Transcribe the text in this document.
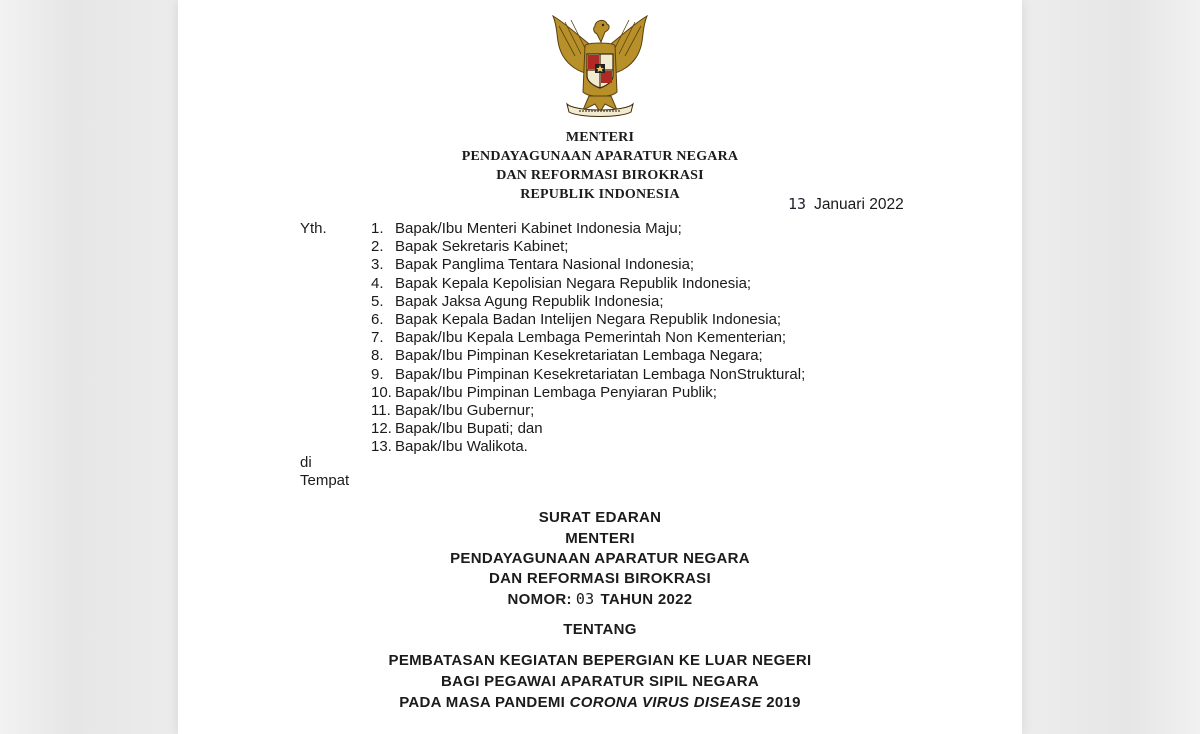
MENTERI
PENDAYAGUNAAN APARATUR NEGARA
DAN REFORMASI BIROKRASI
REPUBLIK INDONESIA
13 Januari 2022
Yth.	1. Bapak/Ibu Menteri Kabinet Indonesia Maju;
2. Bapak Sekretaris Kabinet;
3. Bapak Panglima Tentara Nasional Indonesia;
4. Bapak Kepala Kepolisian Negara Republik Indonesia;
5. Bapak Jaksa Agung Republik Indonesia;
6. Bapak Kepala Badan Intelijen Negara Republik Indonesia;
7. Bapak/Ibu Kepala Lembaga Pemerintah Non Kementerian;
8. Bapak/Ibu Pimpinan Kesekretariatan Lembaga Negara;
9. Bapak/Ibu Pimpinan Kesekretariatan Lembaga NonStruktural;
10. Bapak/Ibu Pimpinan Lembaga Penyiaran Publik;
11. Bapak/Ibu Gubernur;
12. Bapak/Ibu Bupati; dan
13. Bapak/Ibu Walikota.
di
Tempat
SURAT EDARAN
MENTERI
PENDAYAGUNAAN APARATUR NEGARA
DAN REFORMASI BIROKRASI
NOMOR: 03 TAHUN 2022
TENTANG
PEMBATASAN KEGIATAN BEPERGIAN KE LUAR NEGERI
BAGI PEGAWAI APARATUR SIPIL NEGARA
PADA MASA PANDEMI CORONA VIRUS DISEASE 2019
